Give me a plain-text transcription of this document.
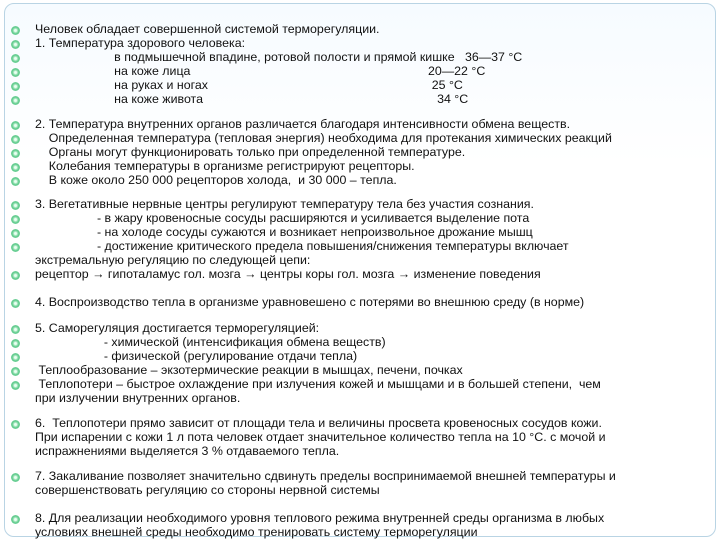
Человек обладает совершенной системой терморегуляции.
1. Температура здорового человека:
в подмышечной впадине, ротовой полости и прямой кишке   36—37 °С
на коже лица                                                                     20—22 °С
на руках и ногах                                                                 25 °С
на коже живота                                                                    34 °С
2. Температура внутренних органов различается благодаря интенсивности обмена веществ.
Определенная температура (тепловая энергия) необходима для протекания химических реакций
Органы могут функционировать только при определенной температуре.
Колебания температуры в организме регистрируют рецепторы.
В коже около 250 000 рецепторов холода,  и 30 000 – тепла.
3. Вегетативные нервные центры регулируют температуру тела без участия сознания.
- в жару кровеносные сосуды расширяются и усиливается выделение пота
- на холоде сосуды сужаются и возникает непроизвольное дрожание мышц
- достижение критического предела повышения/снижения температуры включает
экстремальную регуляцию по следующей цепи:
рецептор → гипоталамус гол. мозга → центры коры гол. мозга → изменение поведения
4. Воспроизводство тепла в организме уравновешено с потерями во внешнюю среду (в норме)
5. Саморегуляция достигается терморегуляцией:
- химической (интенсификация обмена веществ)
- физической (регулирование отдачи тепла)
Теплообразование – экзотермические реакции в мышцах, печени, почках
Теплопотери – быстрое охлаждение при излучения кожей и мышцами и в большей степени,  чем
при излучении внутренних органов.
6.  Теплопотери прямо зависит от площади тела и величины просвета кровеносных сосудов кожи.
При испарении с кожи 1 л пота человек отдает значительное количество тепла на 10 °С. с мочой и
испражнениями выделяется 3 % отдаваемого тепла.
7. Закаливание позволяет значительно сдвинуть пределы воспринимаемой внешней температуры и
совершенствовать регуляцию со стороны нервной системы
8. Для реализации необходимого уровня теплового режима внутренней среды организма в любых
условиях внешней среды необходимо тренировать систему терморегуляции
